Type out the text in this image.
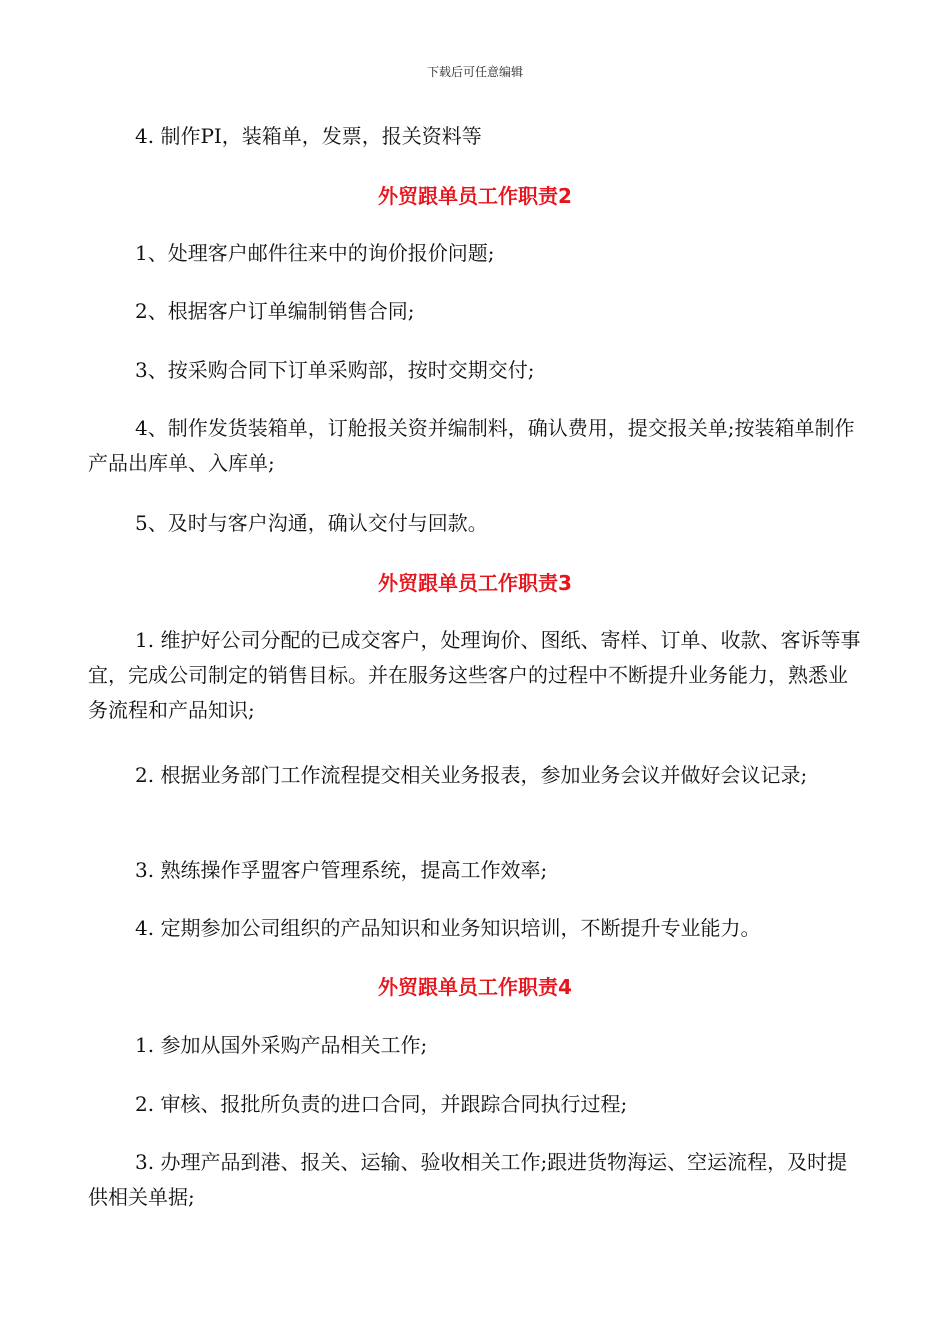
下载后可任意编辑

4. 制作PI，装箱单，发票，报关资料等

外贸跟单员工作职责2

1、处理客户邮件往来中的询价报价问题;

2、根据客户订单编制销售合同;

3、按采购合同下订单采购部，按时交期交付;

4、制作发货装箱单，订舱报关资并编制料，确认费用，提交报关单;按装箱单制作产品出库单、入库单;

5、及时与客户沟通，确认交付与回款。

外贸跟单员工作职责3

1. 维护好公司分配的已成交客户，处理询价、图纸、寄样、订单、收款、客诉等事宜，完成公司制定的销售目标。并在服务这些客户的过程中不断提升业务能力，熟悉业务流程和产品知识;

2. 根据业务部门工作流程提交相关业务报表，参加业务会议并做好会议记录;

3. 熟练操作孚盟客户管理系统，提高工作效率;

4. 定期参加公司组织的产品知识和业务知识培训，不断提升专业能力。

外贸跟单员工作职责4

1. 参加从国外采购产品相关工作;

2. 审核、报批所负责的进口合同，并跟踪合同执行过程;

3. 办理产品到港、报关、运输、验收相关工作;跟进货物海运、空运流程，及时提供相关单据;
